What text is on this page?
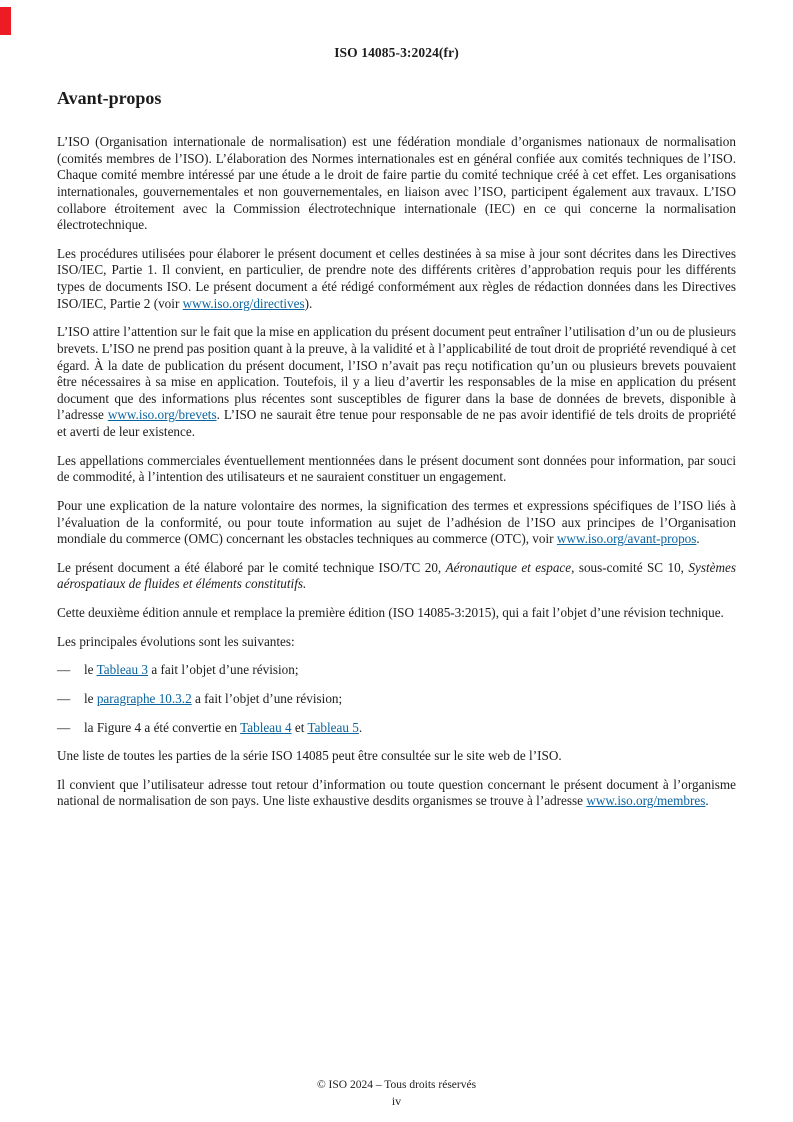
ISO 14085-3:2024(fr)
Avant-propos

L’ISO (Organisation internationale de normalisation) est une fédération mondiale d’organismes nationaux de normalisation (comités membres de l’ISO). L’élaboration des Normes internationales est en général confiée aux comités techniques de l’ISO. Chaque comité membre intéressé par une étude a le droit de faire partie du comité technique créé à cet effet. Les organisations internationales, gouvernementales et non gouvernementales, en liaison avec l’ISO, participent également aux travaux. L’ISO collabore étroitement avec la Commission électrotechnique internationale (IEC) en ce qui concerne la normalisation électrotechnique.

Les procédures utilisées pour élaborer le présent document et celles destinées à sa mise à jour sont décrites dans les Directives ISO/IEC, Partie 1. Il convient, en particulier, de prendre note des différents critères d’approbation requis pour les différents types de documents ISO. Le présent document a été rédigé conformément aux règles de rédaction données dans les Directives ISO/IEC, Partie 2 (voir www.iso.org/directives).

L’ISO attire l’attention sur le fait que la mise en application du présent document peut entraîner l’utilisation d’un ou de plusieurs brevets. L’ISO ne prend pas position quant à la preuve, à la validité et à l’applicabilité de tout droit de propriété revendiqué à cet égard. À la date de publication du présent document, l’ISO n’avait pas reçu notification qu’un ou plusieurs brevets pouvaient être nécessaires à sa mise en application. Toutefois, il y a lieu d’avertir les responsables de la mise en application du présent document que des informations plus récentes sont susceptibles de figurer dans la base de données de brevets, disponible à l’adresse www.iso.org/brevets. L’ISO ne saurait être tenue pour responsable de ne pas avoir identifié de tels droits de propriété et averti de leur existence.

Les appellations commerciales éventuellement mentionnées dans le présent document sont données pour information, par souci de commodité, à l’intention des utilisateurs et ne sauraient constituer un engagement.

Pour une explication de la nature volontaire des normes, la signification des termes et expressions spécifiques de l’ISO liés à l’évaluation de la conformité, ou pour toute information au sujet de l’adhésion de l’ISO aux principes de l’Organisation mondiale du commerce (OMC) concernant les obstacles techniques au commerce (OTC), voir www.iso.org/avant-propos.

Le présent document a été élaboré par le comité technique ISO/TC 20, Aéronautique et espace, sous-comité SC 10, Systèmes aérospatiaux de fluides et éléments constitutifs.

Cette deuxième édition annule et remplace la première édition (ISO 14085-3:2015), qui a fait l’objet d’une révision technique.

Les principales évolutions sont les suivantes:

—	le Tableau 3 a fait l’objet d’une révision;
—	le paragraphe 10.3.2 a fait l’objet d’une révision;
—	la Figure 4 a été convertie en Tableau 4 et Tableau 5.

Une liste de toutes les parties de la série ISO 14085 peut être consultée sur le site web de l’ISO.

Il convient que l’utilisateur adresse tout retour d’information ou toute question concernant le présent document à l’organisme national de normalisation de son pays. Une liste exhaustive desdits organismes se trouve à l’adresse www.iso.org/membres.

© ISO 2024 – Tous droits réservés
iv
